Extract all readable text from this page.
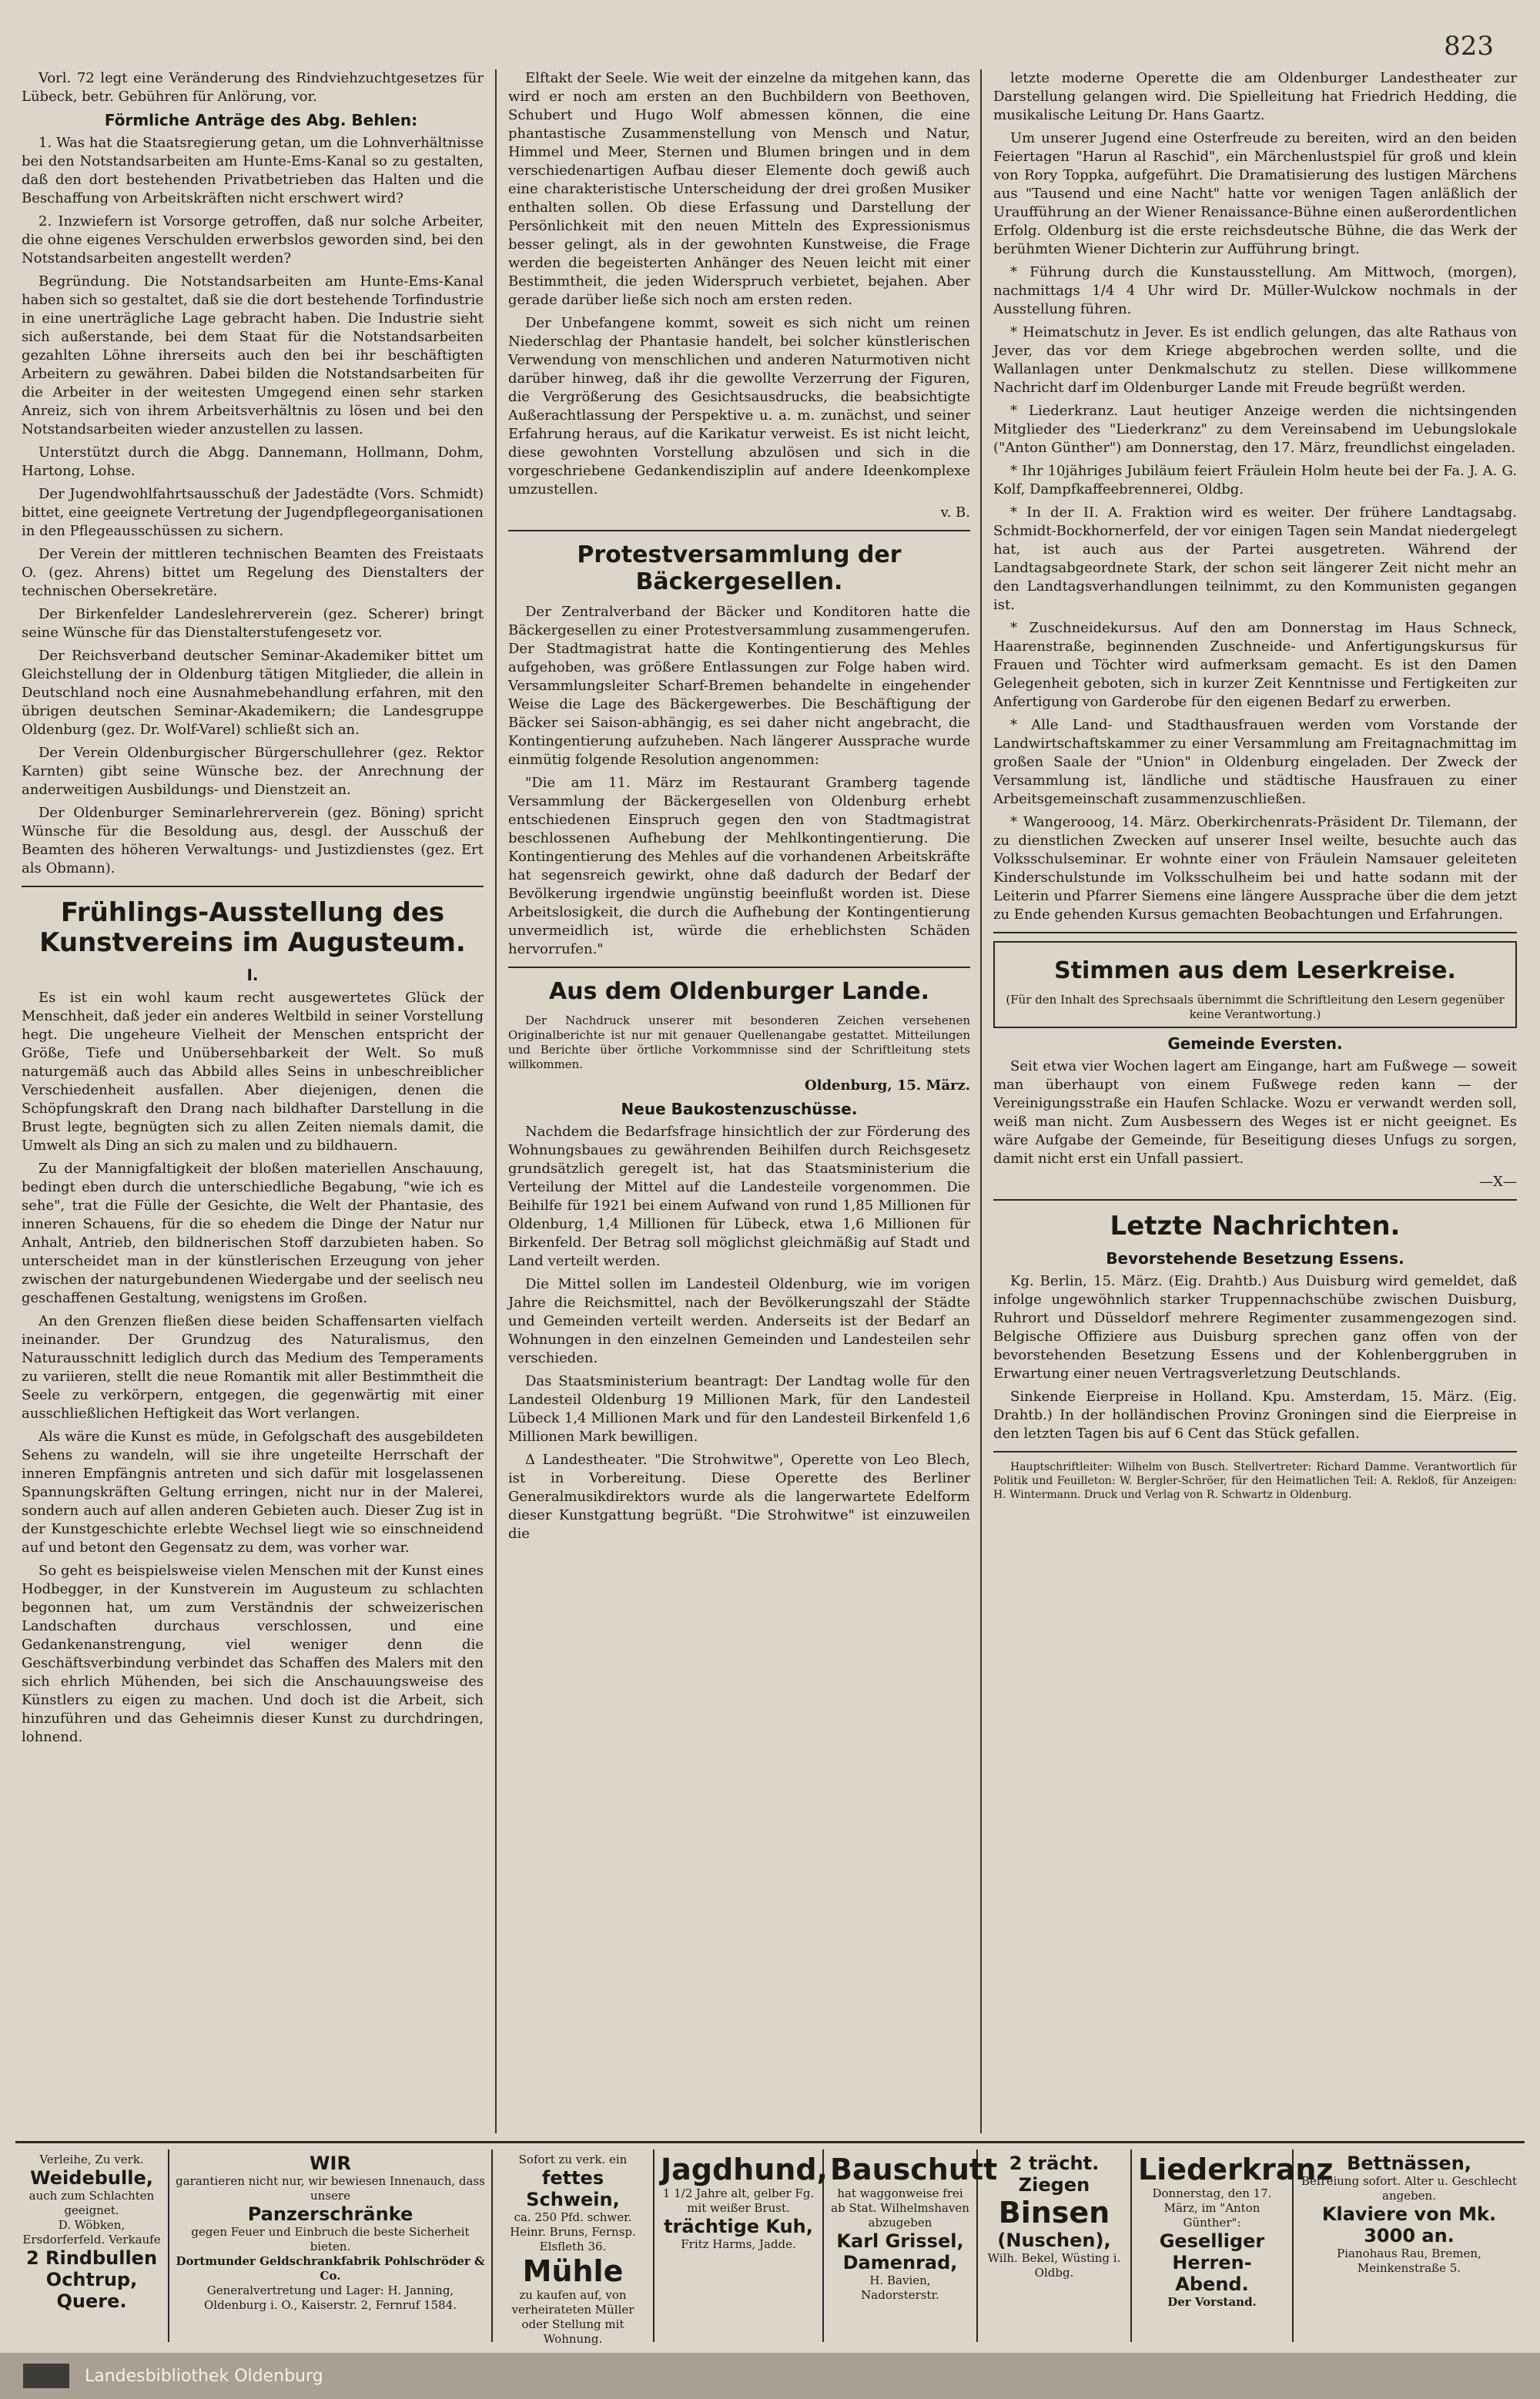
823

Vorl. 72 legt eine Veränderung des Rindviehzuchtgesetzes für Lübeck, betr. Gebühren für Anlörung, vor.

Förmliche Anträge des Abg. Behlen:

1. Was hat die Staatsregierung getan, um die Lohnverhältnisse bei den Notstandsarbeiten am Hunte-Ems-Kanal so zu gestalten, daß den dort bestehenden Privatbetrieben das Halten und die Beschaffung von Arbeitskräften nicht erschwert wird?

2. Inzwiefern ist Vorsorge getroffen, daß nur solche Arbeiter, die ohne eigenes Verschulden erwerbslos geworden sind, bei den Notstandsarbeiten angestellt werden?

Begründung. Die Notstandsarbeiten am Hunte-Ems-Kanal haben sich so gestaltet, daß sie die dort bestehende Torfindustrie in eine unerträgliche Lage gebracht haben. Die Industrie sieht sich außerstande, bei dem Staat für die Notstandsarbeiten gezahlten Löhne ihrerseits auch den bei ihr beschäftigten Arbeitern zu gewähren. Dabei bilden die Notstandsarbeiten für die Arbeiter in der weitesten Umgegend einen sehr starken Anreiz, sich von ihrem Arbeitsverhältnis zu lösen und bei den Notstandsarbeiten wieder anzustellen zu lassen.

Unterstützt durch die Abgg. Dannemann, Hollmann, Dohm, Hartong, Lohse.

Der Jugendwohlfahrtsausschuß der Jadestädte (Vors. Schmidt) bittet, eine geeignete Vertretung der Jugendpflegeorganisationen in den Pflegeausschüssen zu sichern.

Der Verein der mittleren technischen Beamten des Freistaats O. (gez. Ahrens) bittet um Regelung des Dienstalters der technischen Obersekretäre.

Der Birkenfelder Landeslehrerverein (gez. Scherer) bringt seine Wünsche für das Dienstalterstufengesetz vor.

Der Reichsverband deutscher Seminar-Akademiker bittet um Gleichstellung der in Oldenburg tätigen Mitglieder, die allein in Deutschland noch eine Ausnahmebehandlung erfahren, mit den übrigen deutschen Seminar-Akademikern; die Landesgruppe Oldenburg (gez. Dr. Wolf-Varel) schließt sich an.

Der Verein Oldenburgischer Bürgerschullehrer (gez. Rektor Karnten) gibt seine Wünsche bez. der Anrechnung der anderweitigen Ausbildungs- und Dienstzeit an.

Der Oldenburger Seminarlehrerverein (gez. Böning) spricht Wünsche für die Besoldung aus, desgl. der Ausschuß der Beamten des höheren Verwaltungs- und Justizdienstes (gez. Ert als Obmann).

Frühlings-Ausstellung des Kunstvereins im Augusteum.
I.

Es ist ein wohl kaum recht ausgewertetes Glück der Menschheit, daß jeder ein anderes Weltbild in seiner Vorstellung hegt. Die ungeheure Vielheit der Menschen entspricht der Größe, Tiefe und Unübersehbarkeit der Welt. So muß naturgemäß auch das Abbild alles Seins in unbeschreiblicher Verschiedenheit ausfallen. Aber diejenigen, denen die Schöpfungskraft den Drang nach bildhafter Darstellung in die Brust legte, begnügten sich zu allen Zeiten niemals damit, die Umwelt als Ding an sich zu malen und zu bildhauern.

Zu der Mannigfaltigkeit der bloßen materiellen Anschauung, bedingt eben durch die unterschiedliche Begabung, "wie ich es sehe", trat die Fülle der Gesichte, die Welt der Phantasie, des inneren Schauens, für die so ehedem die Dinge der Natur nur Anhalt, Antrieb, den bildnerischen Stoff darzubieten haben. So unterscheidet man in der künstlerischen Erzeugung von jeher zwischen der naturgebundenen Wiedergabe und der seelisch neu geschaffenen Gestaltung, wenigstens im Großen.

An den Grenzen fließen diese beiden Schaffensarten vielfach ineinander. Der Grundzug des Naturalismus, den Naturausschnitt lediglich durch das Medium des Temperaments zu variieren, stellt die neue Romantik mit aller Bestimmtheit die Seele zu verkörpern, entgegen, die gegenwärtig mit einer ausschließlichen Heftigkeit das Wort verlangen.

Als wäre die Kunst es müde, in Gefolgschaft des ausgebildeten Sehens zu wandeln, will sie ihre ungeteilte Herrschaft der inneren Empfängnis antreten und sich dafür mit losgelassenen Spannungskräften Geltung erringen, nicht nur in der Malerei, sondern auch auf allen anderen Gebieten auch. Dieser Zug ist in der Kunstgeschichte erlebte Wechsel liegt wie so einschneidend auf und betont den Gegensatz zu dem, was vorher war.

So geht es beispielsweise vielen Menschen mit der Kunst eines Hodbegger, in der Kunstverein im Augusteum zu schlachten begonnen hat, um zum Verständnis der schweizerischen Landschaften durchaus verschlossen, und eine Gedankenanstrengung, viel weniger denn die Geschäftsverbindung verbindet das Schaffen des Malers mit den sich ehrlich Mühenden, bei sich die Anschauungsweise des Künstlers zu eigen zu machen. Und doch ist die Arbeit, sich hinzuführen und das Geheimnis dieser Kunst zu durchdringen, lohnend.

Elftakt der Seele. Wie weit der einzelne da mitgehen kann, das wird er noch am ersten an den Buchbildern von Beethoven, Schubert und Hugo Wolf abmessen können, die eine phantastische Zusammenstellung von Mensch und Natur, Himmel und Meer, Sternen und Blumen bringen und in dem verschiedenartigen Aufbau dieser Elemente doch gewiß auch eine charakteristische Unterscheidung der drei großen Musiker enthalten sollen. Ob diese Erfassung und Darstellung der Persönlichkeit mit den neuen Mitteln des Expressionismus besser gelingt, als in der gewohnten Kunstweise, die Frage werden die begeisterten Anhänger des Neuen leicht mit einer Bestimmtheit, die jeden Widerspruch verbietet, bejahen. Aber gerade darüber ließe sich noch am ersten reden.

Der Unbefangene kommt, soweit es sich nicht um reinen Niederschlag der Phantasie handelt, bei solcher künstlerischen Verwendung von menschlichen und anderen Naturmotiven nicht darüber hinweg, daß ihr die gewollte Verzerrung der Figuren, die Vergrößerung des Gesichtsausdrucks, die beabsichtigte Außerachtlassung der Perspektive u. a. m. zunächst, und seiner Erfahrung heraus, auf die Karikatur verweist. Es ist nicht leicht, diese gewohnten Vorstellung abzulösen und sich in die vorgeschriebene Gedankendisziplin auf andere Ideenkomplexe umzustellen.

v. B.
Protestversammlung der Bäckergesellen.

Der Zentralverband der Bäcker und Konditoren hatte die Bäckergesellen zu einer Protestversammlung zusammengerufen. Der Stadtmagistrat hatte die Kontingentierung des Mehles aufgehoben, was größere Entlassungen zur Folge haben wird. Versammlungsleiter Scharf-Bremen behandelte in eingehender Weise die Lage des Bäckergewerbes. Die Beschäftigung der Bäcker sei Saison-abhängig, es sei daher nicht angebracht, die Kontingentierung aufzuheben. Nach längerer Aussprache wurde einmütig folgende Resolution angenommen:

"Die am 11. März im Restaurant Gramberg tagende Versammlung der Bäckergesellen von Oldenburg erhebt entschiedenen Einspruch gegen den von Stadtmagistrat beschlossenen Aufhebung der Mehlkontingentierung. Die Kontingentierung des Mehles auf die vorhandenen Arbeitskräfte hat segensreich gewirkt, ohne daß dadurch der Bedarf der Bevölkerung irgendwie ungünstig beeinflußt worden ist. Diese Arbeitslosigkeit, die durch die Aufhebung der Kontingentierung unvermeidlich ist, würde die erheblichsten Schäden hervorrufen."

Aus dem Oldenburger Lande.

Der Nachdruck unserer mit besonderen Zeichen versehenen Originalberichte ist nur mit genauer Quellenangabe gestattet. Mitteilungen und Berichte über örtliche Vorkommnisse sind der Schriftleitung stets willkommen.

Oldenburg, 15. März.
Neue Baukostenzuschüsse.

Nachdem die Bedarfsfrage hinsichtlich der zur Förderung des Wohnungsbaues zu gewährenden Beihilfen durch Reichsgesetz grundsätzlich geregelt ist, hat das Staatsministerium die Verteilung der Mittel auf die Landesteile vorgenommen. Die Beihilfe für 1921 bei einem Aufwand von rund 1,85 Millionen für Oldenburg, 1,4 Millionen für Lübeck, etwa 1,6 Millionen für Birkenfeld. Der Betrag soll möglichst gleichmäßig auf Stadt und Land verteilt werden.

Die Mittel sollen im Landesteil Oldenburg, wie im vorigen Jahre die Reichsmittel, nach der Bevölkerungszahl der Städte und Gemeinden verteilt werden. Anderseits ist der Bedarf an Wohnungen in den einzelnen Gemeinden und Landesteilen sehr verschieden.

Das Staatsministerium beantragt: Der Landtag wolle für den Landesteil Oldenburg 19 Millionen Mark, für den Landesteil Lübeck 1,4 Millionen Mark und für den Landesteil Birkenfeld 1,6 Millionen Mark bewilligen.

Δ Landestheater. "Die Strohwitwe", Operette von Leo Blech, ist in Vorbereitung. Diese Operette des Berliner Generalmusikdirektors wurde als die langerwartete Edelform dieser Kunstgattung begrüßt. "Die Strohwitwe" ist einzuweilen die

letzte moderne Operette die am Oldenburger Landestheater zur Darstellung gelangen wird. Die Spielleitung hat Friedrich Hedding, die musikalische Leitung Dr. Hans Gaartz.

Um unserer Jugend eine Osterfreude zu bereiten, wird an den beiden Feiertagen "Harun al Raschid", ein Märchenlustspiel für groß und klein von Rory Toppka, aufgeführt. Die Dramatisierung des lustigen Märchens aus "Tausend und eine Nacht" hatte vor wenigen Tagen anläßlich der Uraufführung an der Wiener Renaissance-Bühne einen außerordentlichen Erfolg. Oldenburg ist die erste reichsdeutsche Bühne, die das Werk der berühmten Wiener Dichterin zur Aufführung bringt.

* Führung durch die Kunstausstellung. Am Mittwoch, (morgen), nachmittags 1/4 4 Uhr wird Dr. Müller-Wulckow nochmals in der Ausstellung führen.

* Heimatschutz in Jever. Es ist endlich gelungen, das alte Rathaus von Jever, das vor dem Kriege abgebrochen werden sollte, und die Wallanlagen unter Denkmalschutz zu stellen. Diese willkommene Nachricht darf im Oldenburger Lande mit Freude begrüßt werden.

* Liederkranz. Laut heutiger Anzeige werden die nichtsingenden Mitglieder des "Liederkranz" zu dem Vereinsabend im Uebungslokale ("Anton Günther") am Donnerstag, den 17. März, freundlichst eingeladen.

* Ihr 10jähriges Jubiläum feiert Fräulein Holm heute bei der Fa. J. A. G. Kolf, Dampfkaffeebrennerei, Oldbg.

* In der II. A. Fraktion wird es weiter. Der frühere Landtagsabg. Schmidt-Bockhornerfeld, der vor einigen Tagen sein Mandat niedergelegt hat, ist auch aus der Partei ausgetreten. Während der Landtagsabgeordnete Stark, der schon seit längerer Zeit nicht mehr an den Landtagsverhandlungen teilnimmt, zu den Kommunisten gegangen ist.

* Zuschneidekursus. Auf den am Donnerstag im Haus Schneck, Haarenstraße, beginnenden Zuschneide- und Anfertigungskursus für Frauen und Töchter wird aufmerksam gemacht. Es ist den Damen Gelegenheit geboten, sich in kurzer Zeit Kenntnisse und Fertigkeiten zur Anfertigung von Garderobe für den eigenen Bedarf zu erwerben.

* Alle Land- und Stadthausfrauen werden vom Vorstande der Landwirtschaftskammer zu einer Versammlung am Freitagnachmittag im großen Saale der "Union" in Oldenburg eingeladen. Der Zweck der Versammlung ist, ländliche und städtische Hausfrauen zu einer Arbeitsgemeinschaft zusammenzuschließen.

* Wangerooog, 14. März. Oberkirchenrats-Präsident Dr. Tilemann, der zu dienstlichen Zwecken auf unserer Insel weilte, besuchte auch das Volksschulseminar. Er wohnte einer von Fräulein Namsauer geleiteten Kinderschulstunde im Volksschulheim bei und hatte sodann mit der Leiterin und Pfarrer Siemens eine längere Aussprache über die dem jetzt zu Ende gehenden Kursus gemachten Beobachtungen und Erfahrungen.

Stimmen aus dem Leserkreise.
(Für den Inhalt des Sprechsaals übernimmt die Schriftleitung den Lesern gegenüber keine Verantwortung.)
Gemeinde Eversten.

Seit etwa vier Wochen lagert am Eingange, hart am Fußwege — soweit man überhaupt von einem Fußwege reden kann — der Vereinigungsstraße ein Haufen Schlacke. Wozu er verwandt werden soll, weiß man nicht. Zum Ausbessern des Weges ist er nicht geeignet. Es wäre Aufgabe der Gemeinde, für Beseitigung dieses Unfugs zu sorgen, damit nicht erst ein Unfall passiert.

—X—
Letzte Nachrichten.
Bevorstehende Besetzung Essens.

Kg. Berlin, 15. März. (Eig. Drahtb.) Aus Duisburg wird gemeldet, daß infolge ungewöhnlich starker Truppennachschübe zwischen Duisburg, Ruhrort und Düsseldorf mehrere Regimenter zusammengezogen sind. Belgische Offiziere aus Duisburg sprechen ganz offen von der bevorstehenden Besetzung Essens und der Kohlenberggruben in Erwartung einer neuen Vertragsverletzung Deutschlands.

Sinkende Eierpreise in Holland. Kpu. Amsterdam, 15. März. (Eig. Drahtb.) In der holländischen Provinz Groningen sind die Eierpreise in den letzten Tagen bis auf 6 Cent das Stück gefallen.

Hauptschriftleiter: Wilhelm von Busch. Stellvertreter: Richard Damme. Verantwortlich für Politik und Feuilleton: W. Bergler-Schröer, für den Heimatlichen Teil: A. Rekloß, für Anzeigen: H. Wintermann. Druck und Verlag von R. Schwartz in Oldenburg.

Verleihe, Zu verk.
Weidebulle,
auch zum Schlachten geeignet.
D. Wöbken,
Ersdorferfeld. Verkaufe
2 Rindbullen
Ochtrup, Quere.
WIR
garantieren nicht nur, wir bewiesen Innenauch, dass unsere
Panzerschränke
gegen Feuer und Einbruch die beste Sicherheit bieten.
Dortmunder Geldschrankfabrik Pohlschröder & Co.
Generalvertretung und Lager: H. Janning, Oldenburg i. O., Kaiserstr. 2, Fernruf 1584.
Sofort zu verk. ein
fettes Schwein,
ca. 250 Pfd. schwer. Heinr. Bruns, Fernsp. Elsfleth 36.
Mühle
zu kaufen auf, von verheirateten Müller oder Stellung mit Wohnung.
Jagdhund,
1 1/2 Jahre alt, gelber Fg. mit weißer Brust.
trächtige Kuh,
Fritz Harms, Jadde.
Bauschutt
hat waggonweise frei ab Stat. Wilhelmshaven abzugeben
Karl Grissel,
Damenrad,
H. Bavien, Nadorsterstr.
2 trächt. Ziegen
Binsen
(Nuschen),
Wilh. Bekel, Wüsting i. Oldbg.
Liederkranz
Donnerstag, den 17. März, im "Anton Günther":
Geselliger Herren-Abend.
Der Vorstand.
Bettnässen,
Befreiung sofort. Alter u. Geschlecht angeben.
Klaviere von Mk. 3000 an.
Pianohaus Rau, Bremen, Meinkenstraße 5.
Landesbibliothek Oldenburg
